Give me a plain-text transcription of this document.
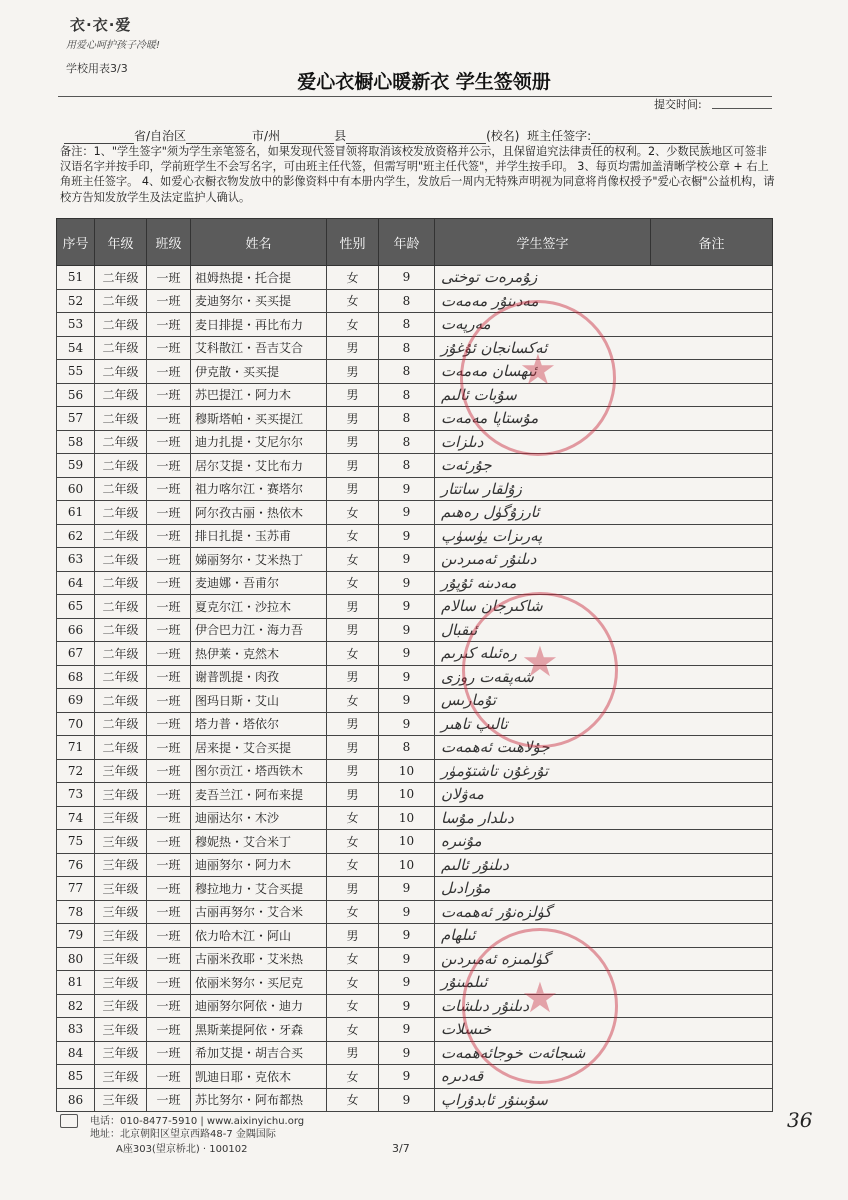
衣·衣·爱
用爱心呵护孩子冷暖!
学校用表3/3
爱心衣橱心暖新衣 学生签领册
提交时间:
省/自治区	市/州	县	(校名) 班主任签字:
备注：1、"学生签字"须为学生亲笔签名，如果发现代签冒领将取消该校发放资格并公示，且保留追究法律责任的权利。2、少数民族地区可签非汉语名字并按手印，学前班学生不会写名字，可由班主任代签，但需写明"班主任代签"，并学生按手印。 3、每页均需加盖清晰学校公章 + 右上角班主任签字。 4、如爱心衣橱衣物发放中的影像资料中有本册内学生，发放后一周内无特殊声明视为同意将肖像权授予"爱心衣橱"公益机构，请校方告知发放学生及法定监护人确认。
序号	年级	班级	姓名	性别	年龄	学生签字	备注
51	二年级	一班	祖姆热提・托合提	女	9	ﺯﯘﻣﺮﻩﺕ ﺗﻮﺧﺘﻰ	
52	二年级	一班	麦迪努尔・买买提	女	8	ﻣﻪﺩﯨﻨﯘﺭ ﻣﻪﻣﻪﺕ	
53	二年级	一班	麦日排提・再比布力	女	8	ﻣﻪﺭﭘﻪﺕ	
54	二年级	一班	艾科散江・吾吉艾合	男	8	ﺋﻪﻛﺴﺎﻧﺠﺎﻥ ﺋﯘﻏﯘﺯ	
55	二年级	一班	伊克散・买买提	男	8	ﺋﯩﻬﺴﺎﻥ ﻣﻪﻣﻪﺕ	
56	二年级	一班	苏巴提江・阿力木	男	8	ﺳﯘﺑﺎﺕ ﺋﺎﻟﯩﻢ	
57	二年级	一班	穆斯塔帕・买买提江	男	8	ﻣﯘﺳﺘﺎﭘﺎ ﻣﻪﻣﻪﺕ	
58	二年级	一班	迪力扎提・艾尼尔尔	男	8	ﺩﯨﻠﺰﺍﺕ	
59	二年级	一班	居尔艾提・艾比布力	男	8	ﺟﯘﺭﺋﻪﺕ	
60	二年级	一班	祖力喀尔江・赛塔尔	男	9	ﺯﯗﻟﻘﺎﺭ ﺳﺎﺗﺘﺎﺭ	
61	二年级	一班	阿尔孜古丽・热依木	女	9	ﺋﺎﺭﺯﯗﮔﯜﻝ ﺭﻩﮬﯩﻢ	
62	二年级	一班	排日扎提・玉苏甫	女	9	ﭘﻪﺭﯨﺰﺍﺕ ﻳﯜﺳﯜﭖ	
63	二年级	一班	娣丽努尔・艾米热丁	女	9	ﺩﯨﻠﻨﯘﺭ ﺋﻪﻣﯩﺮﺩﯨﻦ	
64	二年级	一班	麦迪娜・吾甫尔	女	9	ﻣﻪﺩﯨﻨﻪ ﺋﯘﭘﯘﺭ	
65	二年级	一班	夏克尔江・沙拉木	男	9	ﺷﺎﻛﯩﺮﺟﺎﻥ ﺳﺎﻻﻡ	
66	二年级	一班	伊合巴力江・海力吾	男	9	ﺋﯩﻘﺒﺎﻝ	
67	二年级	一班	热伊莱・克然木	女	9	ﺭﻩﺋﯩﻠﻪ ﻛﯩﺮﯨﻢ	
68	二年级	一班	谢普凯提・肉孜	男	9	ﺷﻪﭘﻘﻪﺕ ﺭﻭﺯﻯ	
69	二年级	一班	图玛日斯・艾山	女	9	ﺗﯘﻣﺎﺭﯨﺲ	
70	二年级	一班	塔力普・塔依尔	男	9	ﺗﺎﻟﯩﭗ ﺗﺎﮬﯩﺮ	
71	二年级	一班	居来提・艾合买提	男	8	ﺟﯘﻻﮬﯩﺖ ﺋﻪﮬﻤﻪﺕ	
72	三年级	一班	图尔贡江・塔西铁木	男	10	ﺗﯘﺭﻏﯘﻥ ﺗﺎﺷﺘﯚﻣﯜﺭ	
73	三年级	一班	麦吾兰江・阿布来提	男	10	ﻣﻪﯞﻟﺎﻥ	
74	三年级	一班	迪丽达尔・木沙	女	10	ﺩﯨﻠﺪﺍﺭ ﻣﯘﺳﺎ	
75	三年级	一班	穆妮热・艾合米丁	女	10	ﻣﯘﻧﯩﺮﻩ	
76	三年级	一班	迪丽努尔・阿力木	女	10	ﺩﯨﻠﻨﯘﺭ ﺋﺎﻟﯩﻢ	
77	三年级	一班	穆拉地力・艾合买提	男	9	ﻣﯘﺭﺍﺩﯨﻞ	
78	三年级	一班	古丽再努尔・艾合米	女	9	ﮔﯜﻟﺰﻩﻧﯘﺭ ﺋﻪﮬﻤﻪﺕ	
79	三年级	一班	依力哈木江・阿山	男	9	ﺋﯩﻠﮭﺎﻡ	
80	三年级	一班	古丽米孜耶・艾米热	女	9	ﮔﯜﻟﻤﯩﺰﻩ ﺋﻪﻣﯩﺮﺩﯨﻦ	
81	三年级	一班	依丽米努尔・买尼克	女	9	ﺋﯩﻠﻤﯩﻨﯘﺭ	
82	三年级	一班	迪丽努尔阿依・迪力	女	9	ﺩﯨﻠﻨﯘﺭ ﺩﯨﻠﺸﺎﺕ	
83	三年级	一班	黑斯莱提阿依・牙森	女	9	ﺧﯩﺴﻼﺕ	
84	三年级	一班	希加艾提・胡吉合买	男	9	ﺷﯩﺠﺎﺋﻪﺕ ﺧﻮﺟﺎﺋﻪﮬﻤﻪﺕ	
85	三年级	一班	凯迪日耶・克依木	女	9	ﻗﻪﺩﯨﺮﻩ	
86	三年级	一班	苏比努尔・阿布都热	女	9	ﺳﯘﺑﯩﻨﯘﺭ ﺋﺎﺑﺪﯗﺭﺍﭖ	
★
★
★
电话：010-8477-5910 | www.aixinyichu.org
地址：北京朝阳区望京西路48-7 金隅国际
A座303(望京桥北) · 100102	3/7
36
